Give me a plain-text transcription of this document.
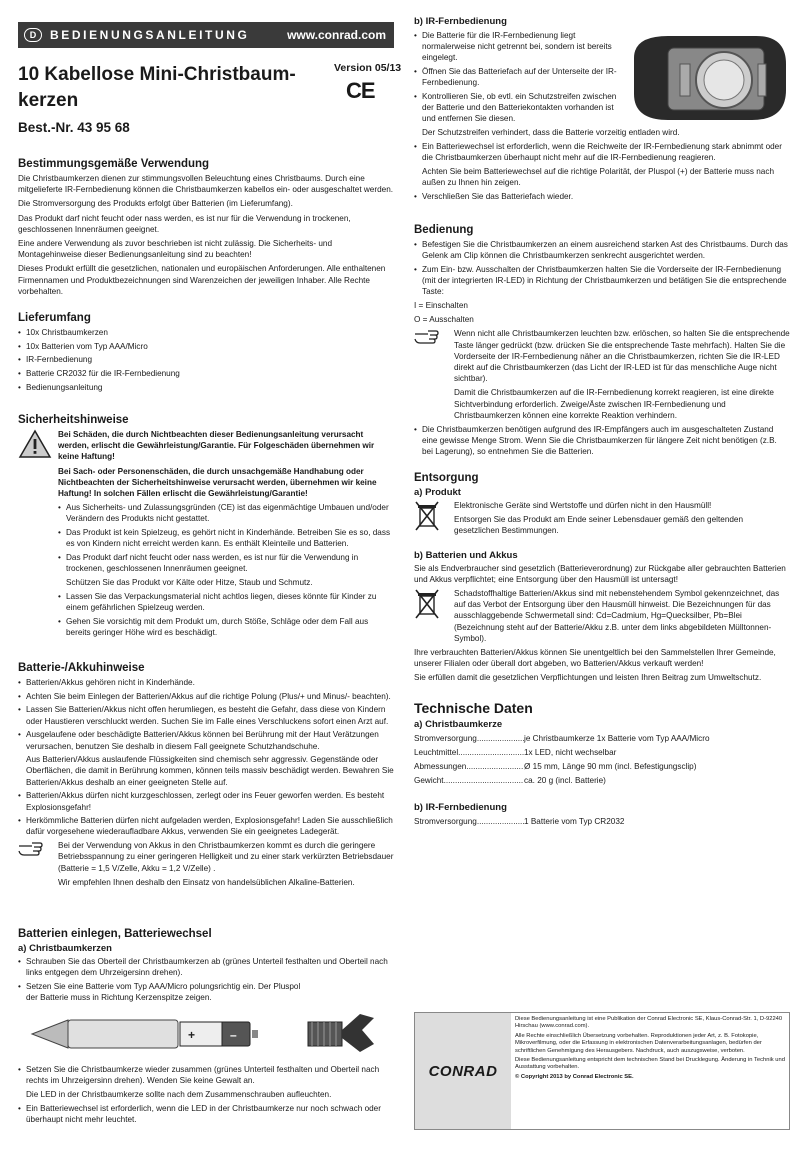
D	BEDIENUNGSANLEITUNG	www.conrad.com
10 Kabellose Mini-Christbaum-kerzen
Version 05/13
CE
Best.-Nr. 43 95 68
Bestimmungsgemäße Verwendung

Die Christbaumkerzen dienen zur stimmungsvollen Beleuchtung eines Christbaums. Durch eine mitgelieferte IR-Fernbedienung können die Christbaumkerzen kabellos ein- oder ausgeschaltet werden.

Die Stromversorgung des Produkts erfolgt über Batterien (im Lieferumfang).

Das Produkt darf nicht feucht oder nass werden, es ist nur für die Verwendung in trockenen, geschlossenen Innenräumen geeignet.

Eine andere Verwendung als zuvor beschrieben ist nicht zulässig. Die Sicherheits- und Montagehinweise dieser Bedienungsanleitung sind zu beachten!

Dieses Produkt erfüllt die gesetzlichen, nationalen und europäischen Anforderungen. Alle enthaltenen Firmennamen und Produktbezeichnungen sind Warenzeichen der jeweiligen Inhaber. Alle Rechte vorbehalten.

Lieferumfang
• 10x Christbaumkerzen
• 10x Batterien vom Typ AAA/Micro
• IR-Fernbedienung
• Batterie CR2032 für die IR-Fernbedienung
• Bedienungsanleitung
Sicherheitshinweise

Bei Schäden, die durch Nichtbeachten dieser Bedienungsanleitung verursacht werden, erlischt die Gewährleistung/Garantie. Für Folgeschäden übernehmen wir keine Haftung!

Bei Sach- oder Personenschäden, die durch unsachgemäße Handhabung oder Nichtbeachten der Sicherheitshinweise verursacht werden, übernehmen wir keine Haftung! In solchen Fällen erlischt die Gewährleistung/Garantie!

• Aus Sicherheits- und Zulassungsgründen (CE) ist das eigenmächtige Umbauen und/oder Verändern des Produkts nicht gestattet.
• Das Produkt ist kein Spielzeug, es gehört nicht in Kinderhände. Betreiben Sie es so, dass es von Kindern nicht erreicht werden kann. Es enthält Kleinteile und Batterien.
• Das Produkt darf nicht feucht oder nass werden, es ist nur für die Verwendung in trockenen, geschlossenen Innenräumen geeignet.
Schützen Sie das Produkt vor Kälte oder Hitze, Staub und Schmutz.
• Lassen Sie das Verpackungsmaterial nicht achtlos liegen, dieses könnte für Kinder zu einem gefährlichen Spielzeug werden.
• Gehen Sie vorsichtig mit dem Produkt um, durch Stöße, Schläge oder dem Fall aus bereits geringer Höhe wird es beschädigt.
Batterie-/Akkuhinweise
• Batterien/Akkus gehören nicht in Kinderhände.
• Achten Sie beim Einlegen der Batterien/Akkus auf die richtige Polung (Plus/+ und Minus/- beachten).
• Lassen Sie Batterien/Akkus nicht offen herumliegen, es besteht die Gefahr, dass diese von Kindern oder Haustieren verschluckt werden. Suchen Sie im Falle eines Verschluckens sofort einen Arzt auf.
• Ausgelaufene oder beschädigte Batterien/Akkus können bei Berührung mit der Haut Verätzungen verursachen, benutzen Sie deshalb in diesem Fall geeignete Schutzhandschuhe.
Aus Batterien/Akkus auslaufende Flüssigkeiten sind chemisch sehr aggressiv. Gegenstände oder Oberflächen, die damit in Berührung kommen, können teils massiv beschädigt werden. Bewahren Sie Batterien/Akkus deshalb an einer geeigneten Stelle auf.
• Batterien/Akkus dürfen nicht kurzgeschlossen, zerlegt oder ins Feuer geworfen werden. Es besteht Explosionsgefahr!
• Herkömmliche Batterien dürfen nicht aufgeladen werden, Explosionsgefahr! Laden Sie ausschließlich dafür vorgesehene wiederaufladbare Akkus, verwenden Sie ein geeignetes Ladegerät.

Bei der Verwendung von Akkus in den Christbaumkerzen kommt es durch die geringere Betriebsspannung zu einer geringeren Helligkeit und zu einer stark verkürzten Betriebsdauer (Batterie = 1,5 V/Zelle, Akku = 1,2 V/Zelle) .

Wir empfehlen Ihnen deshalb den Einsatz von handelsüblichen Alkaline-Batterien.

Batterien einlegen, Batteriewechsel
a) Christbaumkerzen
• Schrauben Sie das Oberteil der Christbaumkerzen ab (grünes Unterteil festhalten und Oberteil nach links entgegen dem Uhrzeigersinn drehen).
• Setzen Sie eine Batterie vom Typ AAA/Micro polungsrichtig ein. Der Pluspol der Batterie muss in Richtung Kerzenspitze zeigen.
+	–
• Setzen Sie die Christbaumkerze wieder zusammen (grünes Unterteil festhalten und Oberteil nach rechts im Uhrzeigersinn drehen). Wenden Sie keine Gewalt an.
Die LED in der Christbaumkerze sollte nach dem Zusammenschrauben aufleuchten.
• Ein Batteriewechsel ist erforderlich, wenn die LED in der Christbaumkerze nur noch schwach oder überhaupt nicht mehr leuchtet.
b) IR-Fernbedienung
• Die Batterie für die IR-Fernbedienung liegt normalerweise nicht getrennt bei, sondern ist bereits eingelegt.
• Öffnen Sie das Batteriefach auf der Unterseite der IR-Fernbedienung.
• Kontrollieren Sie, ob evtl. ein Schutzstreifen zwischen der Batterie und den Batteriekontakten vorhanden ist und entfernen Sie diesen.
Der Schutzstreifen verhindert, dass die Batterie vorzeitig entladen wird.
• Ein Batteriewechsel ist erforderlich, wenn die Reichweite der IR-Fernbedienung stark abnimmt oder die Christbaumkerzen überhaupt nicht mehr auf die IR-Fernbedienung reagieren.
Achten Sie beim Batteriewechsel auf die richtige Polarität, der Pluspol (+) der Batterie muss nach außen zu Ihnen hin zeigen.
• Verschließen Sie das Batteriefach wieder.
Bedienung
• Befestigen Sie die Christbaumkerzen an einem ausreichend starken Ast des Christbaums. Durch das Gelenk am Clip können die Christbaumkerzen senkrecht ausgerichtet werden.
• Zum Ein- bzw. Ausschalten der Christbaumkerzen halten Sie die Vorderseite der IR-Fernbedienung (mit der integrierten IR-LED) in Richtung der Christbaumkerzen und betätigen Sie die entsprechende Taste:

I = Einschalten

O = Ausschalten

Wenn nicht alle Christbaumkerzen leuchten bzw. erlöschen, so halten Sie die entsprechende Taste länger gedrückt (bzw. drücken Sie die entsprechende Taste mehrfach). Halten Sie die Vorderseite der IR-Fernbedienung näher an die Christbaumkerzen, richten Sie die IR-LED direkt auf die Christbaumkerzen (das Licht der IR-LED ist für das menschliche Auge nicht sichtbar).

Damit die Christbaumkerzen auf die IR-Fernbedienung korrekt reagieren, ist eine direkte Sichtverbindung erforderlich. Zweige/Äste zwischen IR-Fernbedienung und Christbaumkerzen können eine korrekte Reaktion verhindern.

• Die Christbaumkerzen benötigen aufgrund des IR-Empfängers auch im ausgeschalteten Zustand eine gewisse Menge Strom. Wenn Sie die Christbaumkerzen für längere Zeit nicht benötigen (z.B. bei Lagerung), so entnehmen Sie die Batterien.
Entsorgung
a) Produkt

Elektronische Geräte sind Wertstoffe und dürfen nicht in den Hausmüll!

Entsorgen Sie das Produkt am Ende seiner Lebensdauer gemäß den geltenden gesetzlichen Bestimmungen.

b) Batterien und Akkus

Sie als Endverbraucher sind gesetzlich (Batterieverordnung) zur Rückgabe aller gebrauchten Batterien und Akkus verpflichtet; eine Entsorgung über den Hausmüll ist untersagt!

Schadstoffhaltige Batterien/Akkus sind mit nebenstehendem Symbol gekennzeichnet, das auf das Verbot der Entsorgung über den Hausmüll hinweist. Die Bezeichnungen für das ausschlaggebende Schwermetall sind: Cd=Cadmium, Hg=Quecksilber, Pb=Blei (Bezeichnung steht auf der Batterie/Akku z.B. unter dem links abgebildeten Mülltonnen-Symbol).

Ihre verbrauchten Batterien/Akkus können Sie unentgeltlich bei den Sammelstellen Ihrer Gemeinde, unserer Filialen oder überall dort abgeben, wo Batterien/Akkus verkauft werden!

Sie erfüllen damit die gesetzlichen Verpflichtungen und leisten Ihren Beitrag zum Umweltschutz.

Technische Daten
a) Christbaumkerze
Stromversorgung .....	je Christbaumkerze 1x Batterie vom Typ AAA/Micro
Leuchtmittel .....	1x LED, nicht wechselbar
Abmessungen .....	Ø 15 mm, Länge 90 mm (incl. Befestigungsclip)
Gewicht .....	ca. 20 g (incl. Batterie)
b) IR-Fernbedienung
Stromversorgung .....	1 Batterie vom Typ CR2032
CONRAD

Diese Bedienungsanleitung ist eine Publikation der Conrad Electronic SE, Klaus-Conrad-Str. 1, D-92240 Hirschau (www.conrad.com).

Alle Rechte einschließlich Übersetzung vorbehalten. Reproduktionen jeder Art, z. B. Fotokopie, Mikroverfilmung, oder die Erfassung in elektronischen Datenverarbeitungsanlagen, bedürfen der schriftlichen Genehmigung des Herausgebers. Nachdruck, auch auszugsweise, verboten.

Diese Bedienungsanleitung entspricht dem technischen Stand bei Drucklegung. Änderung in Technik und Ausstattung vorbehalten.

© Copyright 2013 by Conrad Electronic SE.
